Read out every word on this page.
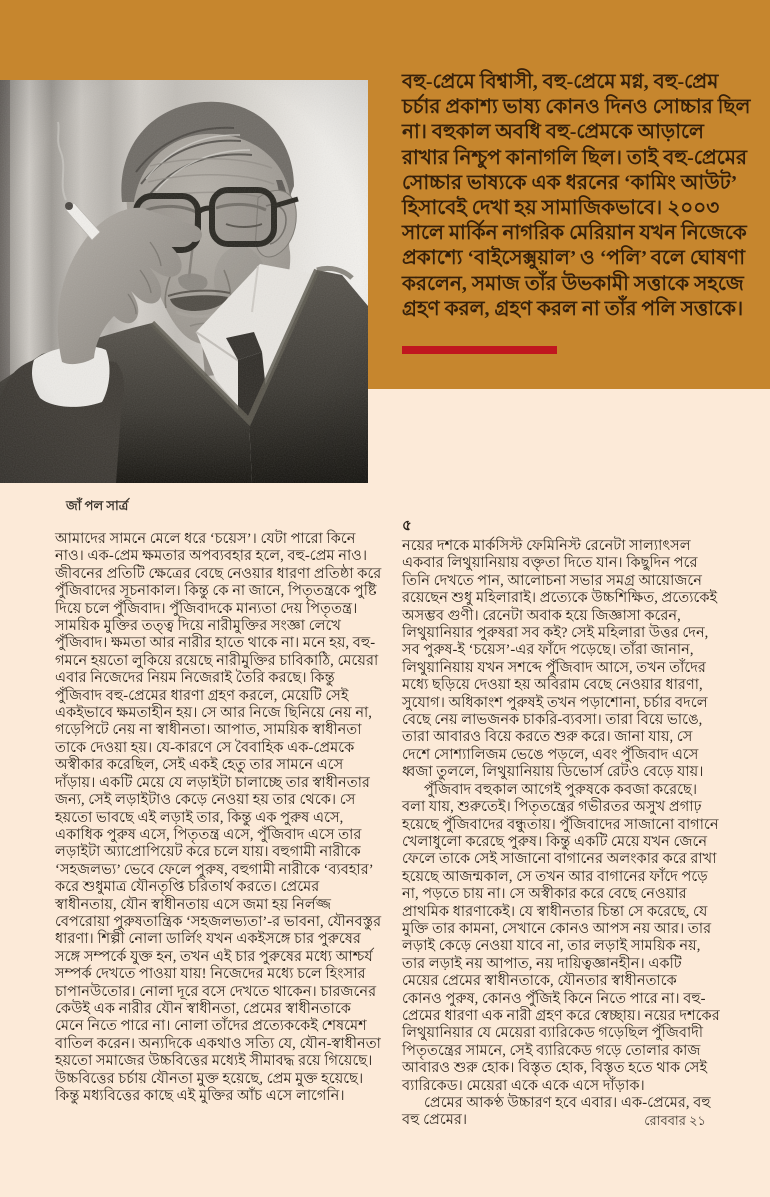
বহু-প্রেমে বিশ্বাসী, বহু-প্রেমে মগ্ন, বহু-প্রেম চর্চার প্রকাশ্য ভাষ্য কোনও দিনও সোচ্চার ছিল না। বহুকাল অবধি বহু-প্রেমকে আড়ালে রাখার নিশ্চুপ কানাগলি ছিল। তাই বহু-প্রেমের সোচ্চার ভাষ্যকে এক ধরনের ‘কামিং আউট’ হিসাবেই দেখা হয় সামাজিকভাবে। ২০০৩ সালে মার্কিন নাগরিক মেরিয়ান যখন নিজেকে প্রকাশ্যে ‘বাইসেক্সুয়াল’ ও ‘পলি’ বলে ঘোষণা করলেন, সমাজ তাঁর উভকামী সত্তাকে সহজে গ্রহণ করল, গ্রহণ করল না তাঁর পলি সত্তাকে।
জাঁ পল সার্ত্র

আমাদের সামনে মেলে ধরে ‘চয়েস’। যেটা পারো কিনে নাও। এক-প্রেম ক্ষমতার অপব্যবহার হলে, বহু-প্রেম নাও। জীবনের প্রতিটি ক্ষেত্রের বেছে নেওয়ার ধারণা প্রতিষ্ঠা করে পুঁজিবাদের সূচনাকাল। কিন্তু কে না জানে, পিতৃতন্ত্রকে পুষ্টি দিয়ে চলে পুঁজিবাদ। পুঁজিবাদকে মান্যতা দেয় পিতৃতন্ত্র। সাময়িক মুক্তির তত্ত্ব দিয়ে নারীমুক্তির সংজ্ঞা লেখে পুঁজিবাদ। ক্ষমতা আর নারীর হাতে থাকে না। মনে হয়, বহু-গমনে হয়তো লুকিয়ে রয়েছে নারীমুক্তির চাবিকাঠি, মেয়েরা এবার নিজেদের নিয়ম নিজেরাই তৈরি করছে। কিন্তু পুঁজিবাদ বহু-প্রেমের ধারণা গ্রহণ করলে, মেয়েটি সেই একইভাবে ক্ষমতাহীন হয়। সে আর নিজে ছিনিয়ে নেয় না, গড়েপিটে নেয় না স্বাধীনতা। আপাত, সাময়িক স্বাধীনতা তাকে দেওয়া হয়। যে-কারণে সে বৈবাহিক এক-প্রেমকে অস্বীকার করেছিল, সেই একই হেতু তার সামনে এসে দাঁড়ায়। একটি মেয়ে যে লড়াইটা চালাচ্ছে তার স্বাধীনতার জন্য, সেই লড়াইটাও কেড়ে নেওয়া হয় তার থেকে। সে হয়তো ভাবছে এই লড়াই তার, কিন্তু এক পুরুষ এসে, একাধিক পুরুষ এসে, পিতৃতন্ত্র এসে, পুঁজিবাদ এসে তার লড়াইটা অ্যাপ্রোপিয়েট করে চলে যায়। বহুগামী নারীকে ‘সহজলভ্য’ ভেবে ফেলে পুরুষ, বহুগামী নারীকে ‘ব্যবহার’ করে শুধুমাত্র যৌনতৃপ্তি চরিতার্থ করতে। প্রেমের স্বাধীনতায়, যৌন স্বাধীনতায় এসে জমা হয় নির্লজ্জ বেপরোয়া পুরুষতান্ত্রিক ‘সহজলভ্যতা’-র ভাবনা, যৌনবস্তুর ধারণা। শিল্পী নোলা ডার্লিং যখন একইসঙ্গে চার পুরুষের সঙ্গে সম্পর্কে যুক্ত হন, তখন এই চার পুরুষের মধ্যে আশ্চর্য সম্পর্ক দেখতে পাওয়া যায়! নিজেদের মধ্যে চলে হিংসার চাপানউতোর। নোলা দূরে বসে দেখতে থাকেন। চারজনের কেউই এক নারীর যৌন স্বাধীনতা, প্রেমের স্বাধীনতাকে মেনে নিতে পারে না। নোলা তাঁদের প্রত্যেককেই শেষমেশ বাতিল করেন। অন্যদিকে একথাও সত্যি যে, যৌন-স্বাধীনতা হয়তো সমাজের উচ্চবিত্তের মধ্যেই সীমাবদ্ধ রয়ে গিয়েছে। উচ্চবিত্তের চর্চায় যৌনতা মুক্ত হয়েছে, প্রেম মুক্ত হয়েছে। কিন্তু মধ্যবিত্তের কাছে এই মুক্তির আঁচ এসে লাগেনি।

৫

নয়ের দশকে মার্কসিস্ট ফেমিনিস্ট রেনেটা সাল্যাৎসল একবার লিথুয়ানিয়ায় বক্তৃতা দিতে যান। কিছুদিন পরে তিনি দেখতে পান, আলোচনা সভার সমগ্র আয়োজনে রয়েছেন শুধু মহিলারাই। প্রত্যেকে উচ্চশিক্ষিত, প্রত্যেকেই অসম্ভব গুণী। রেনেটা অবাক হয়ে জিজ্ঞাসা করেন, লিথুয়ানিয়ার পুরুষরা সব কই? সেই মহিলারা উত্তর দেন, সব পুরুষ-ই ‘চয়েস’-এর ফাঁদে পড়েছে। তাঁরা জানান, লিথুয়ানিয়ায় যখন সশব্দে পুঁজিবাদ আসে, তখন তাঁদের মধ্যে ছড়িয়ে দেওয়া হয় অবিরাম বেছে নেওয়ার ধারণা, সুযোগ। অধিকাংশ পুরুষই তখন পড়াশোনা, চর্চার বদলে বেছে নেয় লাভজনক চাকরি-ব্যবসা। তারা বিয়ে ভাঙে, তারা আবারও বিয়ে করতে শুরু করে। জানা যায়, সে দেশে সোশ্যালিজম ভেঙে পড়লে, এবং পুঁজিবাদ এসে ধ্বজা তুললে, লিথুয়ানিয়ায় ডিভোর্স রেটও বেড়ে যায়।

পুঁজিবাদ বহুকাল আগেই পুরুষকে কবজা করেছে। বলা যায়, শুরুতেই। পিতৃতন্ত্রের গভীরতর অসুখ প্রগাঢ় হয়েছে পুঁজিবাদের বন্ধুতায়। পুঁজিবাদের সাজানো বাগানে খেলাধুলো করেছে পুরুষ। কিন্তু একটি মেয়ে যখন জেনে ফেলে তাকে সেই সাজানো বাগানের অলংকার করে রাখা হয়েছে আজন্মকাল, সে তখন আর বাগানের ফাঁদে পড়ে না, পড়তে চায় না। সে অস্বীকার করে বেছে নেওয়ার প্রাথমিক ধারণাকেই। যে স্বাধীনতার চিন্তা সে করেছে, যে মুক্তি তার কামনা, সেখানে কোনও আপস নয় আর। তার লড়াই কেড়ে নেওয়া যাবে না, তার লড়াই সাময়িক নয়, তার লড়াই নয় আপাত, নয় দায়িত্বজ্ঞানহীন। একটি মেয়ের প্রেমের স্বাধীনতাকে, যৌনতার স্বাধীনতাকে কোনও পুরুষ, কোনও পুঁজিই কিনে নিতে পারে না। বহু-প্রেমের ধারণা এক নারী গ্রহণ করে স্বেচ্ছায়। নয়ের দশকের লিথুয়ানিয়ার যে মেয়েরা ব্যারিকেড গড়েছিল পুঁজিবাদী পিতৃতন্ত্রের সামনে, সেই ব্যারিকেড গড়ে তোলার কাজ আবারও শুরু হোক। বিস্তৃত হোক, বিস্তৃত হতে থাক সেই ব্যারিকেড। মেয়েরা একে একে এসে দাঁড়াক।

প্রেমের আকণ্ঠ উচ্চারণ হবে এবার। এক-প্রেমের, বহু বহু প্রেমের।	রোববার ২১
